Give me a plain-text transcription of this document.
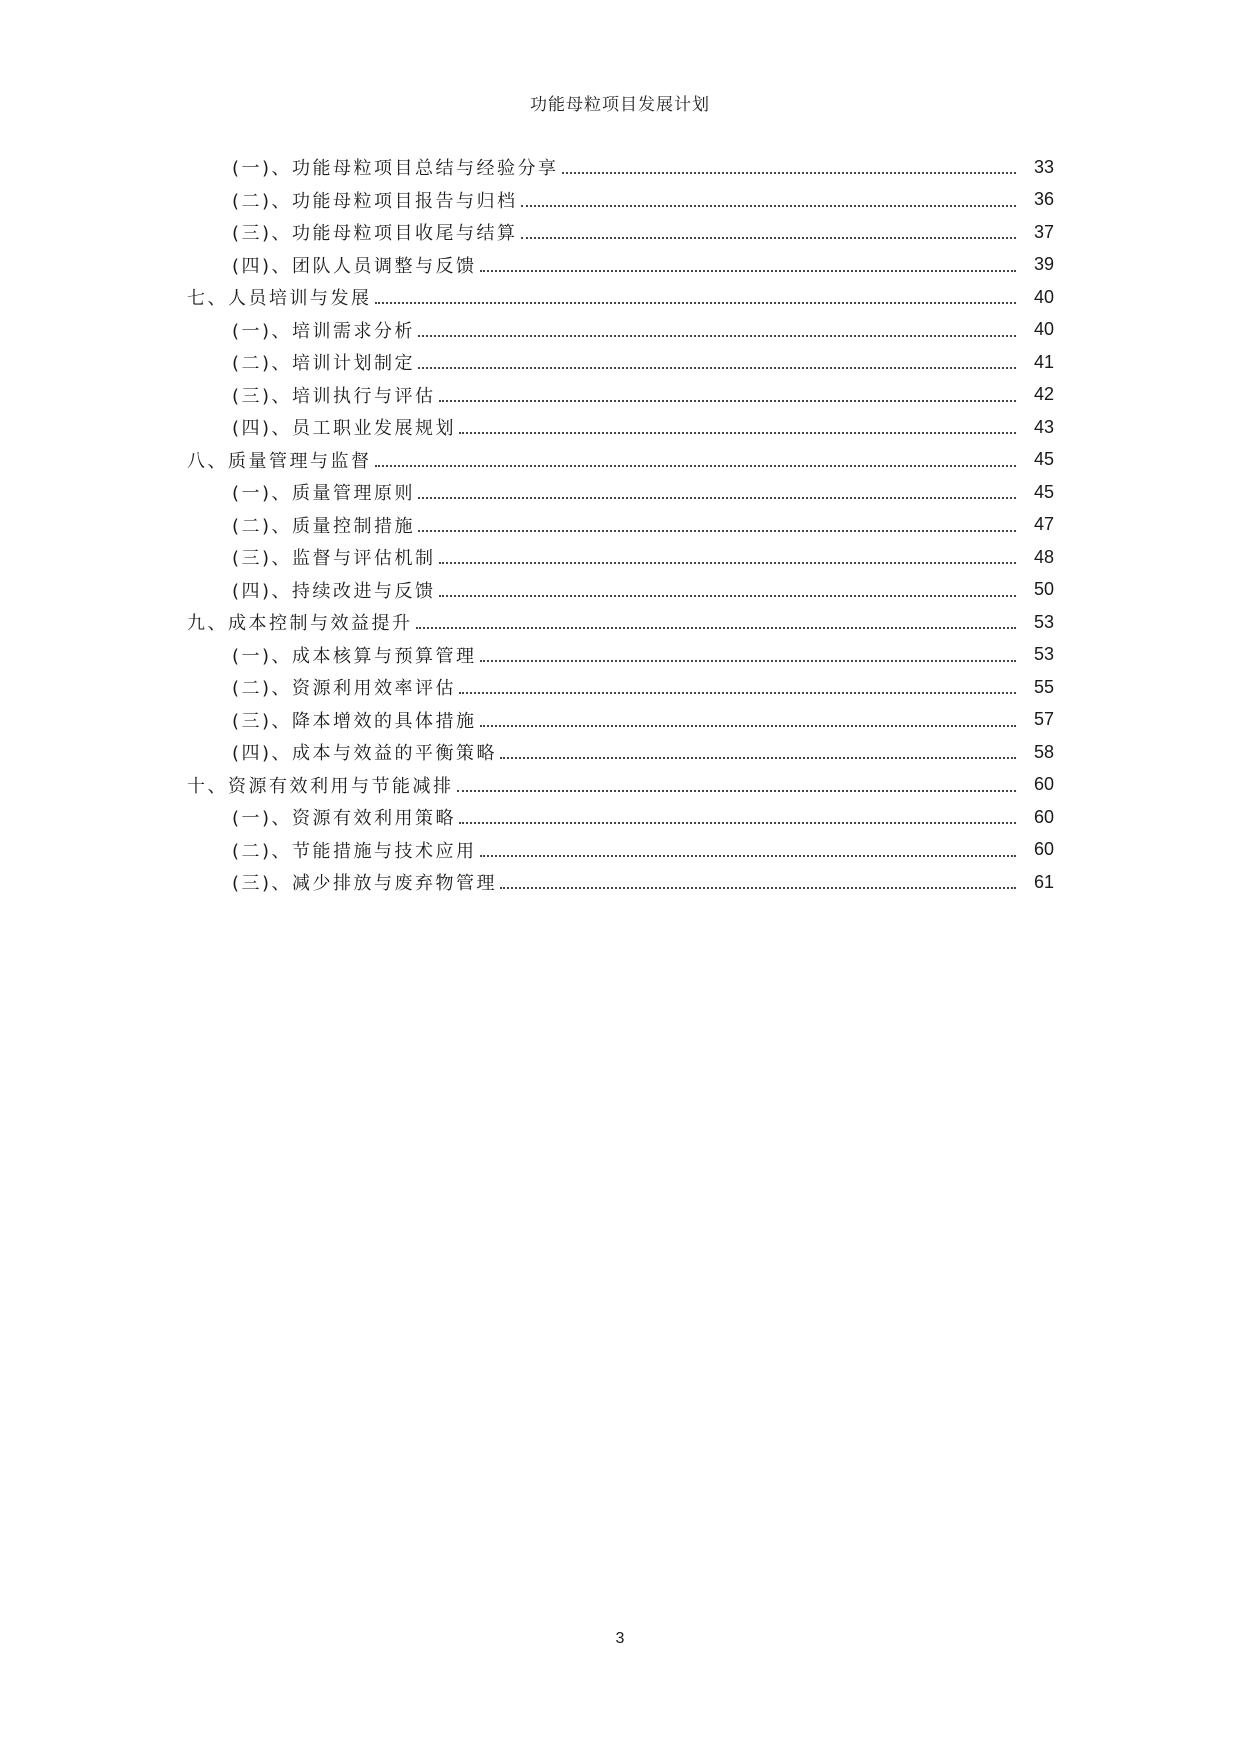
功能母粒项目发展计划
(一)、功能母粒项目总结与经验分享	33
(二)、功能母粒项目报告与归档	36
(三)、功能母粒项目收尾与结算	37
(四)、团队人员调整与反馈	39
七、人员培训与发展	40
(一)、培训需求分析	40
(二)、培训计划制定	41
(三)、培训执行与评估	42
(四)、员工职业发展规划	43
八、质量管理与监督	45
(一)、质量管理原则	45
(二)、质量控制措施	47
(三)、监督与评估机制	48
(四)、持续改进与反馈	50
九、成本控制与效益提升	53
(一)、成本核算与预算管理	53
(二)、资源利用效率评估	55
(三)、降本增效的具体措施	57
(四)、成本与效益的平衡策略	58
十、资源有效利用与节能减排	60
(一)、资源有效利用策略	60
(二)、节能措施与技术应用	60
(三)、减少排放与废弃物管理	61
3
